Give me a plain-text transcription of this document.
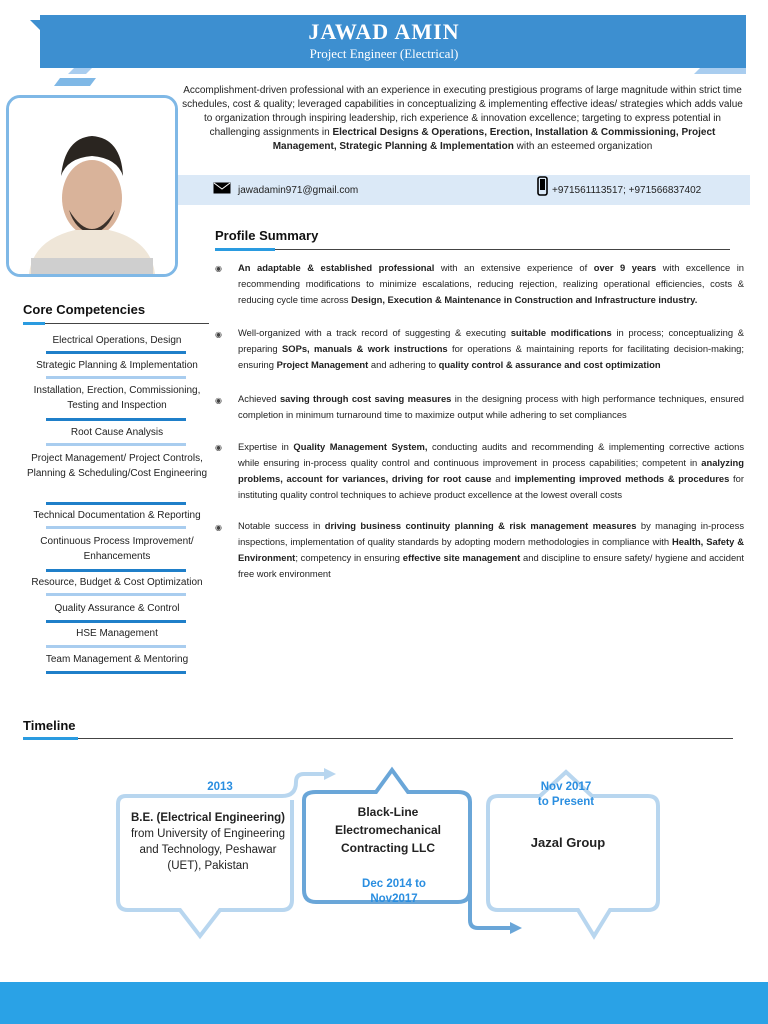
JAWAD AMIN
Project Engineer (Electrical)
Accomplishment-driven professional with an experience in executing prestigious programs of large magnitude within strict time schedules, cost & quality; leveraged capabilities in conceptualizing & implementing effective ideas/ strategies which adds value to organization through inspiring leadership, rich experience & innovation excellence; targeting to express potential in challenging assignments in Electrical Designs & Operations, Erection, Installation & Commissioning, Project Management, Strategic Planning & Implementation with an esteemed organization
jawadamin971@gmail.com	+971561113517; +971566837402
Profile Summary
◉ An adaptable & established professional with an extensive experience of over 9 years with excellence in recommending modifications to minimize escalations, reducing rejection, realizing operational efficiencies, costs & reducing cycle time across Design, Execution & Maintenance in Construction and Infrastructure industry.
◉ Well-organized with a track record of suggesting & executing suitable modifications in process; conceptualizing & preparing SOPs, manuals & work instructions for operations & maintaining reports for facilitating decision-making; ensuring Project Management and adhering to quality control & assurance and cost optimization
◉ Achieved saving through cost saving measures in the designing process with high performance techniques, ensured completion in minimum turnaround time to maximize output while adhering to set compliances
◉ Expertise in Quality Management System, conducting audits and recommending & implementing corrective actions while ensuring in-process quality control and continuous improvement in process capabilities; competent in analyzing problems, account for variances, driving for root cause and implementing improved methods & procedures for instituting quality control techniques to achieve product excellence at the lowest overall costs
◉ Notable success in driving business continuity planning & risk management measures by managing in-process inspections, implementation of quality standards by adopting modern methodologies in compliance with Health, Safety & Environment; competency in ensuring effective site management and discipline to ensure safety/ hygiene and accident free work environment
Core Competencies
Electrical Operations, Design
Strategic Planning & Implementation
Installation, Erection, Commissioning, Testing and Inspection
Root Cause Analysis
Project Management/ Project Controls, Planning & Scheduling/Cost Engineering
Technical Documentation & Reporting
Continuous Process Improvement/ Enhancements
Resource, Budget & Cost Optimization
Quality Assurance & Control
HSE Management
Team Management & Mentoring
Timeline
2013
B.E. (Electrical Engineering) from University of Engineering and Technology, Peshawar (UET), Pakistan
Black-Line Electromechanical Contracting LLC
Dec 2014 to Nov2017
Nov 2017
to Present
Jazal Group
